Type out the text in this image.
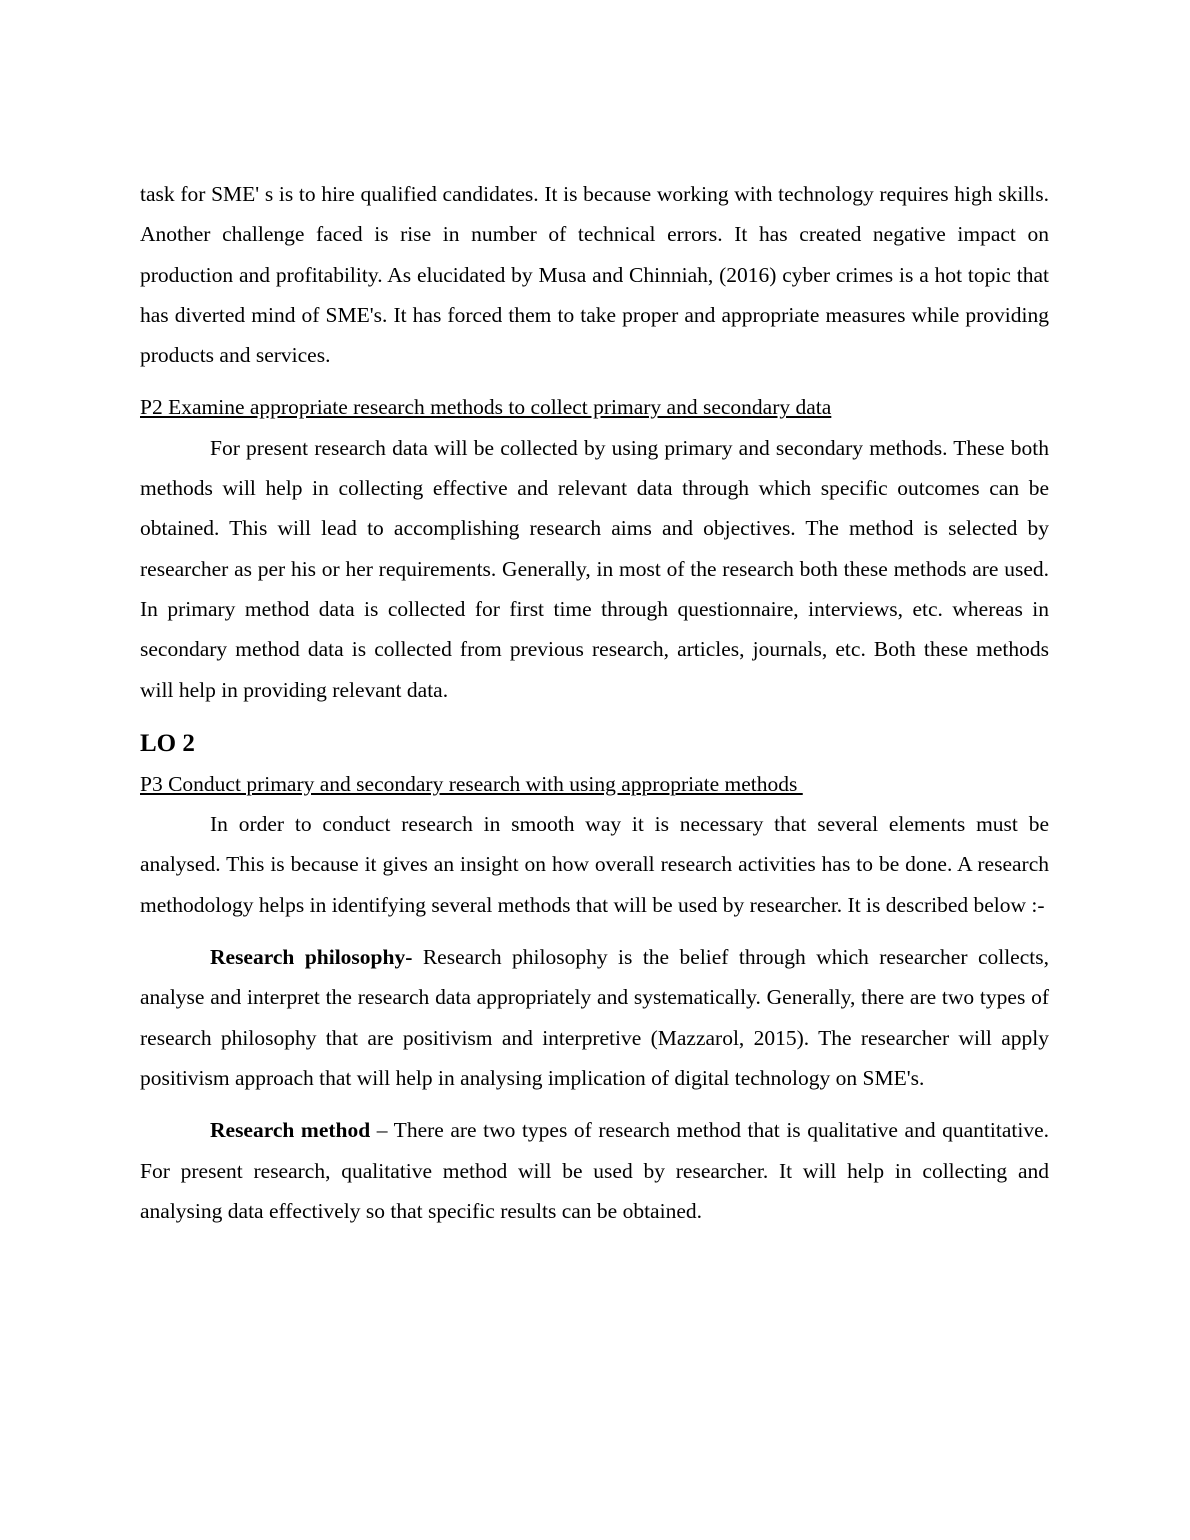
task for SME' s is to hire qualified candidates. It is because working with technology requires high skills. Another challenge faced is rise in number of technical errors. It has created negative impact on production and profitability. As elucidated by Musa and Chinniah, (2016) cyber crimes is a hot topic that has diverted mind of SME's. It has forced them to take proper and appropriate measures while providing products and services.

P2 Examine appropriate research methods to collect primary and secondary data

For present research data will be collected by using primary and secondary methods. These both methods will help in collecting effective and relevant data through which specific outcomes can be obtained. This will lead to accomplishing research aims and objectives. The method is selected by researcher as per his or her requirements. Generally, in most of the research both these methods are used. In primary method data is collected for first time through questionnaire, interviews, etc. whereas in secondary method data is collected from previous research, articles, journals, etc. Both these methods will help in providing relevant data.

LO 2
P3 Conduct primary and secondary research with using appropriate methods

In order to conduct research in smooth way it is necessary that several elements must be analysed. This is because it gives an insight on how overall research activities has to be done. A research methodology helps in identifying several methods that will be used by researcher. It is described below :-

Research philosophy- Research philosophy is the belief through which researcher collects, analyse and interpret the research data appropriately and systematically. Generally, there are two types of research philosophy that are positivism and interpretive (Mazzarol, 2015). The researcher will apply positivism approach that will help in analysing implication of digital technology on SME's.

Research method – There are two types of research method that is qualitative and quantitative. For present research, qualitative method will be used by researcher. It will help in collecting and analysing data effectively so that specific results can be obtained.
